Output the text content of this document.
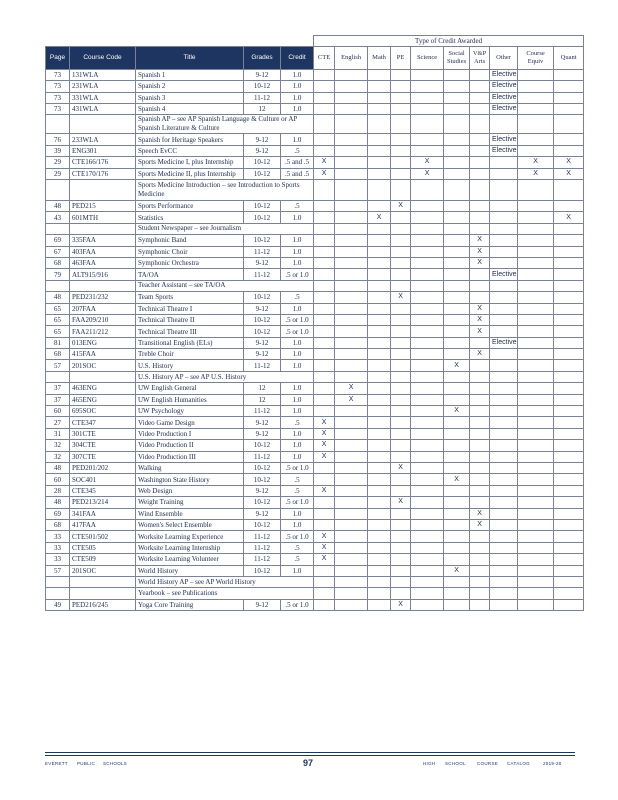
					Type of Credit Awarded									
Page	Course Code	Title	Grades	Credit	CTE	English	Math	PE	Science	Social Studies	V&P Arts	Other	Course Equiv	Quant
73	131WLA	Spanish 1	9-12	1.0								Elective		
73	231WLA	Spanish 2	10-12	1.0								Elective		
73	331WLA	Spanish 3	11-12	1.0								Elective		
73	431WLA	Spanish 4	12	1.0								Elective		
		Spanish AP – see AP Spanish Language & Culture or AP Spanish Literature & Culture												
76	233WLA	Spanish for Heritage Speakers	9-12	1.0								Elective		
39	ENG301	Speech EvCC	9-12	.5								Elective		
29	CTE166/176	Sports Medicine I, plus Internship	10-12	.5 and .5	X				X				X	X
29	CTE170/176	Sports Medicine II, plus Internship	10-12	.5 and .5	X				X				X	X
		Sports Medicine Introduction – see Introduction to Sports Medicine												
48	PED215	Sports Performance	10-12	.5				X						
43	601MTH	Statistics	10-12	1.0			X							X
		Student Newspaper – see Journalism												
69	335FAA	Symphonic Band	10-12	1.0							X			
67	403FAA	Symphonic Choir	11-12	1.0							X			
68	463FAA	Symphonic Orchestra	9-12	1.0							X			
79	ALT915/916	TA/OA	11-12	.5 or 1.0								Elective		
		Teacher Assistant – see TA/OA												
48	PED231/232	Team Sports	10-12	.5				X						
65	207FAA	Technical Theatre I	9-12	1.0							X			
65	FAA209/210	Technical Theatre II	10-12	.5 or 1.0							X			
65	FAA211/212	Technical Theatre III	10-12	.5 or 1.0							X			
81	013ENG	Transitional English (ELs)	9-12	1.0								Elective		
68	415FAA	Treble Choir	9-12	1.0							X			
57	201SOC	U.S. History	11-12	1.0						X				
		U.S. History AP – see AP U.S. History												
37	463ENG	UW English General	12	1.0		X								
37	465ENG	UW English Humanities	12	1.0		X								
60	695SOC	UW Psychology	11-12	1.0						X				
27	CTE347	Video Game Design	9-12	.5	X									
31	301CTE	Video Production I	9-12	1.0	X									
32	304CTE	Video Production II	10-12	1.0	X									
32	307CTE	Video Production III	11-12	1.0	X									
48	PED201/202	Walking	10-12	.5 or 1.0				X						
60	SOC401	Washington State History	10-12	.5						X				
28	CTE345	Web Design	9-12	.5	X									
48	PED213/214	Weight Training	10-12	.5 or 1.0				X						
69	341FAA	Wind Ensemble	9-12	1.0							X			
68	417FAA	Women's Select Ensemble	10-12	1.0							X			
33	CTE501/502	Worksite Learning Experience	11-12	.5 or 1.0	X									
33	CTE505	Worksite Learning Internship	11-12	.5	X									
33	CTE509	Worksite Learning Volunteer	11-12	.5	X									
57	201SOC	World History	10-12	1.0						X				
		World History AP – see AP World History												
		Yearbook – see Publications												
49	PED216/245	Yoga Core Training	9-12	.5 or 1.0				X						
EVERETT PUBLIC SCHOOLS	97	HIGH SCHOOL COURSE CATALOG	2019-20
